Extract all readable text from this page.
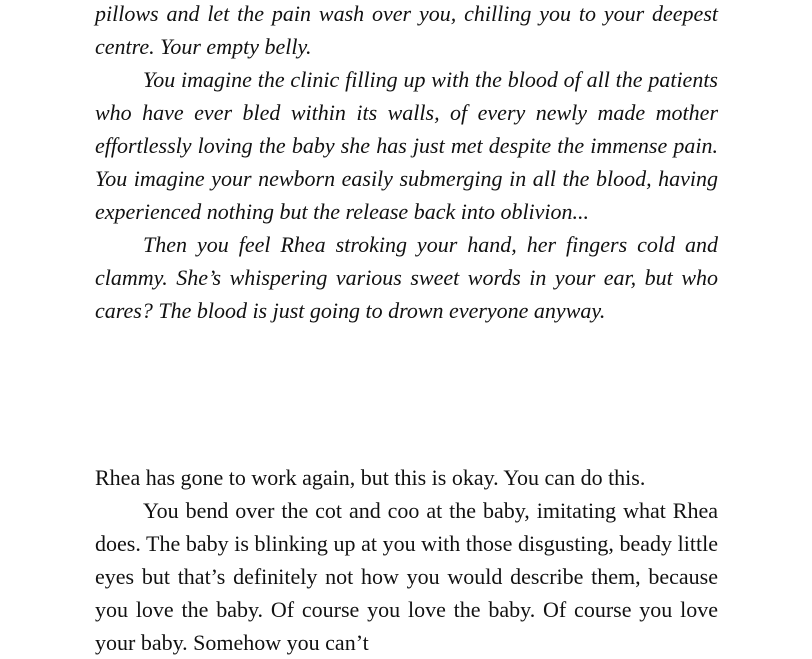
pillows and let the pain wash over you, chilling you to your deepest centre. Your empty belly.

You imagine the clinic filling up with the blood of all the patients who have ever bled within its walls, of every newly made mother effortlessly loving the baby she has just met despite the immense pain. You imagine your newborn easily submerging in all the blood, having experienced nothing but the release back into oblivion...

Then you feel Rhea stroking your hand, her fingers cold and clammy. She’s whispering various sweet words in your ear, but who cares? The blood is just going to drown everyone anyway.

Rhea has gone to work again, but this is okay. You can do this.

You bend over the cot and coo at the baby, imitating what Rhea does. The baby is blinking up at you with those disgusting, beady little eyes but that’s definitely not how you would describe them, because you love the baby. Of course you love the baby. Of course you love your baby. Somehow you can’t
